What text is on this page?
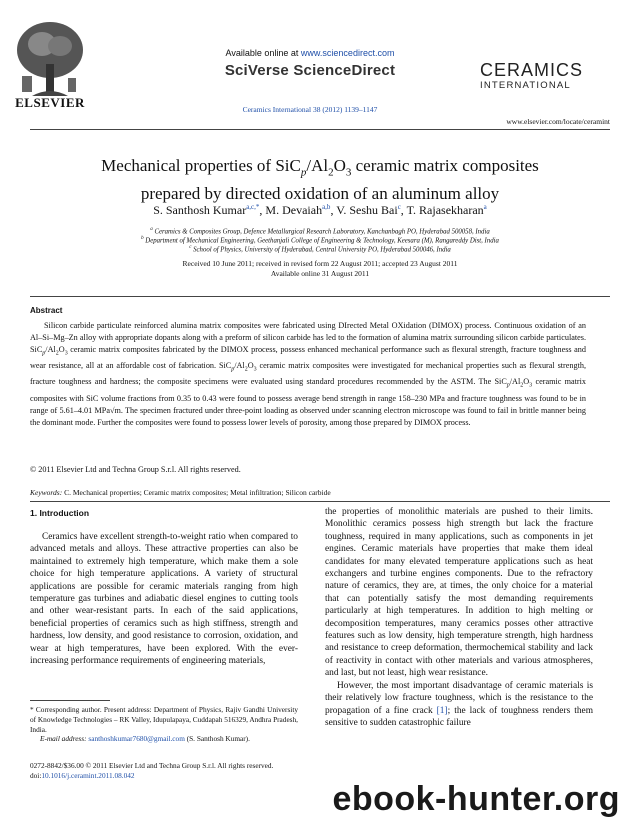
ELSEVIER
Available online at www.sciencedirect.com
SciVerse ScienceDirect
Ceramics International 38 (2012) 1139–1147
CERAMICS
INTERNATIONAL
www.elsevier.com/locate/ceramint
Mechanical properties of $SiC_p/Al_2O_3$ ceramic matrix composites
prepared by directed oxidation of an aluminum alloy
S. Santhosh Kumar$^{a,c,*}$, M. Devaiah$^{a,b}$, V. Seshu Bai$^c$, T. Rajasekharan$^a$
$^a$ Ceramics & Composites Group, Defence Metallurgical Research Laboratory, Kanchanbagh PO, Hyderabad 500058, India
$^b$ Department of Mechanical Engineering, Geethanjali College of Engineering & Technology, Keesara (M), Rangareddy Dist, India
$^c$ School of Physics, University of Hyderabad, Central University PO, Hyderabad 500046, India
Received 10 June 2011; received in revised form 22 August 2011; accepted 23 August 2011
Available online 31 August 2011
Abstract
Silicon carbide particulate reinforced alumina matrix composites were fabricated using DIrected Metal OXidation (DIMOX) process. Continuous oxidation of an Al–Si–Mg–Zn alloy with appropriate dopants along with a preform of silicon carbide has led to the formation of alumina matrix surrounding silicon carbide particulates. $SiC_p/Al_2O_3$ ceramic matrix composites fabricated by the DIMOX process, possess enhanced mechanical performance such as flexural strength, fracture toughness and wear resistance, all at an affordable cost of fabrication. $SiC_p/Al_2O_3$ ceramic matrix composites were investigated for mechanical properties such as flexural strength, fracture toughness and hardness; the composite specimens were evaluated using standard procedures recommended by the ASTM. The $SiC_p/Al_2O_3$ ceramic matrix composites with SiC volume fractions from 0.35 to 0.43 were found to possess average bend strength in range 158–230 MPa and fracture toughness was found to be in range of 5.61–4.01 MPa√m. The specimen fractured under three-point loading as observed under scanning electron microscope was found to fail in brittle manner being the dominant mode. Further the composites were found to possess lower levels of porosity, among those prepared by DIMOX process.
© 2011 Elsevier Ltd and Techna Group S.r.l. All rights reserved.
Keywords: C. Mechanical properties; Ceramic matrix composites; Metal infiltration; Silicon carbide
1. Introduction

Ceramics have excellent strength-to-weight ratio when compared to advanced metals and alloys. These attractive properties can also be maintained to extremely high temperature, which make them a sole choice for high temperature applications. A variety of structural applications are possible for ceramic materials ranging from high temperature gas turbines and adiabatic diesel engines to cutting tools and other wear-resistant parts. In each of the said applications, beneficial properties of ceramics such as high stiffness, strength and hardness, low density, and good resistance to corrosion, oxidation, and wear at high temperatures, have been explored. With the ever-increasing performance requirements of engineering materials,

the properties of monolithic materials are pushed to their limits. Monolithic ceramics possess high strength but lack the fracture toughness, required in many applications, such as components in jet engines. Ceramic materials have properties that make them ideal candidates for many elevated temperature applications such as heat exchangers and turbine engines components. Due to the refractory nature of ceramics, they are, at times, the only choice for a material that can potentially satisfy the most demanding requirements particularly at high temperatures. In addition to high melting or decomposition temperatures, many ceramics posses other attractive features such as low density, high temperature strength, high hardness and resistance to creep deformation, thermochemical stability and lack of reactivity in contact with other materials and various atmospheres, and last, but not least, high wear resistance.

However, the most important disadvantage of ceramic materials is their relatively low fracture toughness, which is the resistance to the propagation of a fine crack [1]; the lack of toughness renders them sensitive to sudden catastrophic failure

* Corresponding author. Present address: Department of Physics, Rajiv Gandhi University of Knowledge Technologies – RK Valley, Idupulapaya, Cuddapah 516329, Andhra Pradesh, India.
E-mail address: santhoshkumar7680@gmail.com (S. Santhosh Kumar).
0272-8842/$36.00 © 2011 Elsevier Ltd and Techna Group S.r.l. All rights reserved.
doi:10.1016/j.ceramint.2011.08.042
ebook-hunter.org
